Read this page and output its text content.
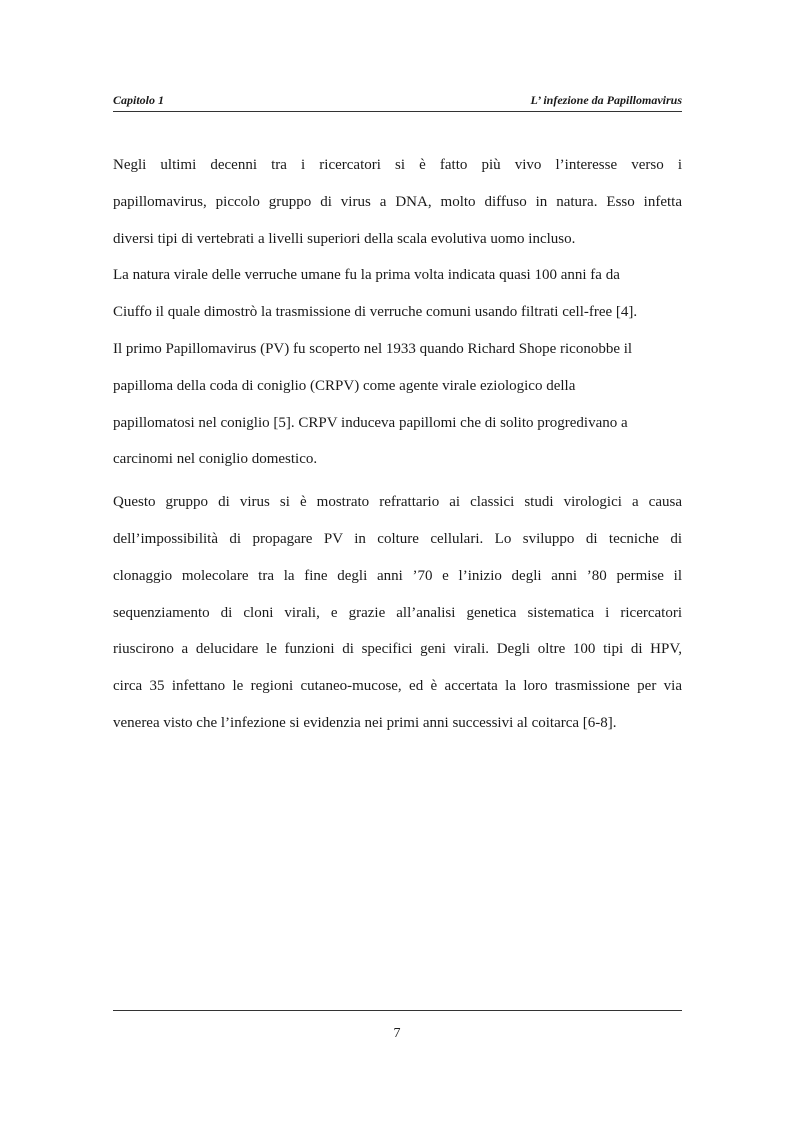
Capitolo 1	L’ infezione da Papillomavirus

Negli ultimi decenni tra i ricercatori si è fatto più vivo l’interesse verso i
papillomavirus, piccolo gruppo di virus a DNA, molto diffuso in natura. Esso infetta
diversi tipi di vertebrati a livelli superiori della scala evolutiva uomo incluso.

La natura virale delle verruche umane fu la prima volta indicata quasi 100 anni fa da
Ciuffo il quale dimostrò la trasmissione di verruche comuni usando filtrati cell-free [4].
Il primo Papillomavirus (PV) fu scoperto nel 1933 quando Richard Shope riconobbe il
papilloma della coda di coniglio (CRPV) come agente virale eziologico della
papillomatosi nel coniglio [5]. CRPV induceva papillomi che di solito progredivano a
carcinomi nel coniglio domestico.

Questo gruppo di virus si è mostrato refrattario ai classici studi virologici a causa
dell’impossibilità di propagare PV in colture cellulari. Lo sviluppo di tecniche di
clonaggio molecolare tra la fine degli anni ’70 e l’inizio degli anni ’80 permise il
sequenziamento di cloni virali, e grazie all’analisi genetica sistematica i ricercatori
riuscirono a delucidare le funzioni di specifici geni virali. Degli oltre 100 tipi di HPV,
circa 35 infettano le regioni cutaneo-mucose, ed è accertata la loro trasmissione per via
venerea visto che l’infezione si evidenzia nei primi anni successivi al coitarca [6-8].

7
